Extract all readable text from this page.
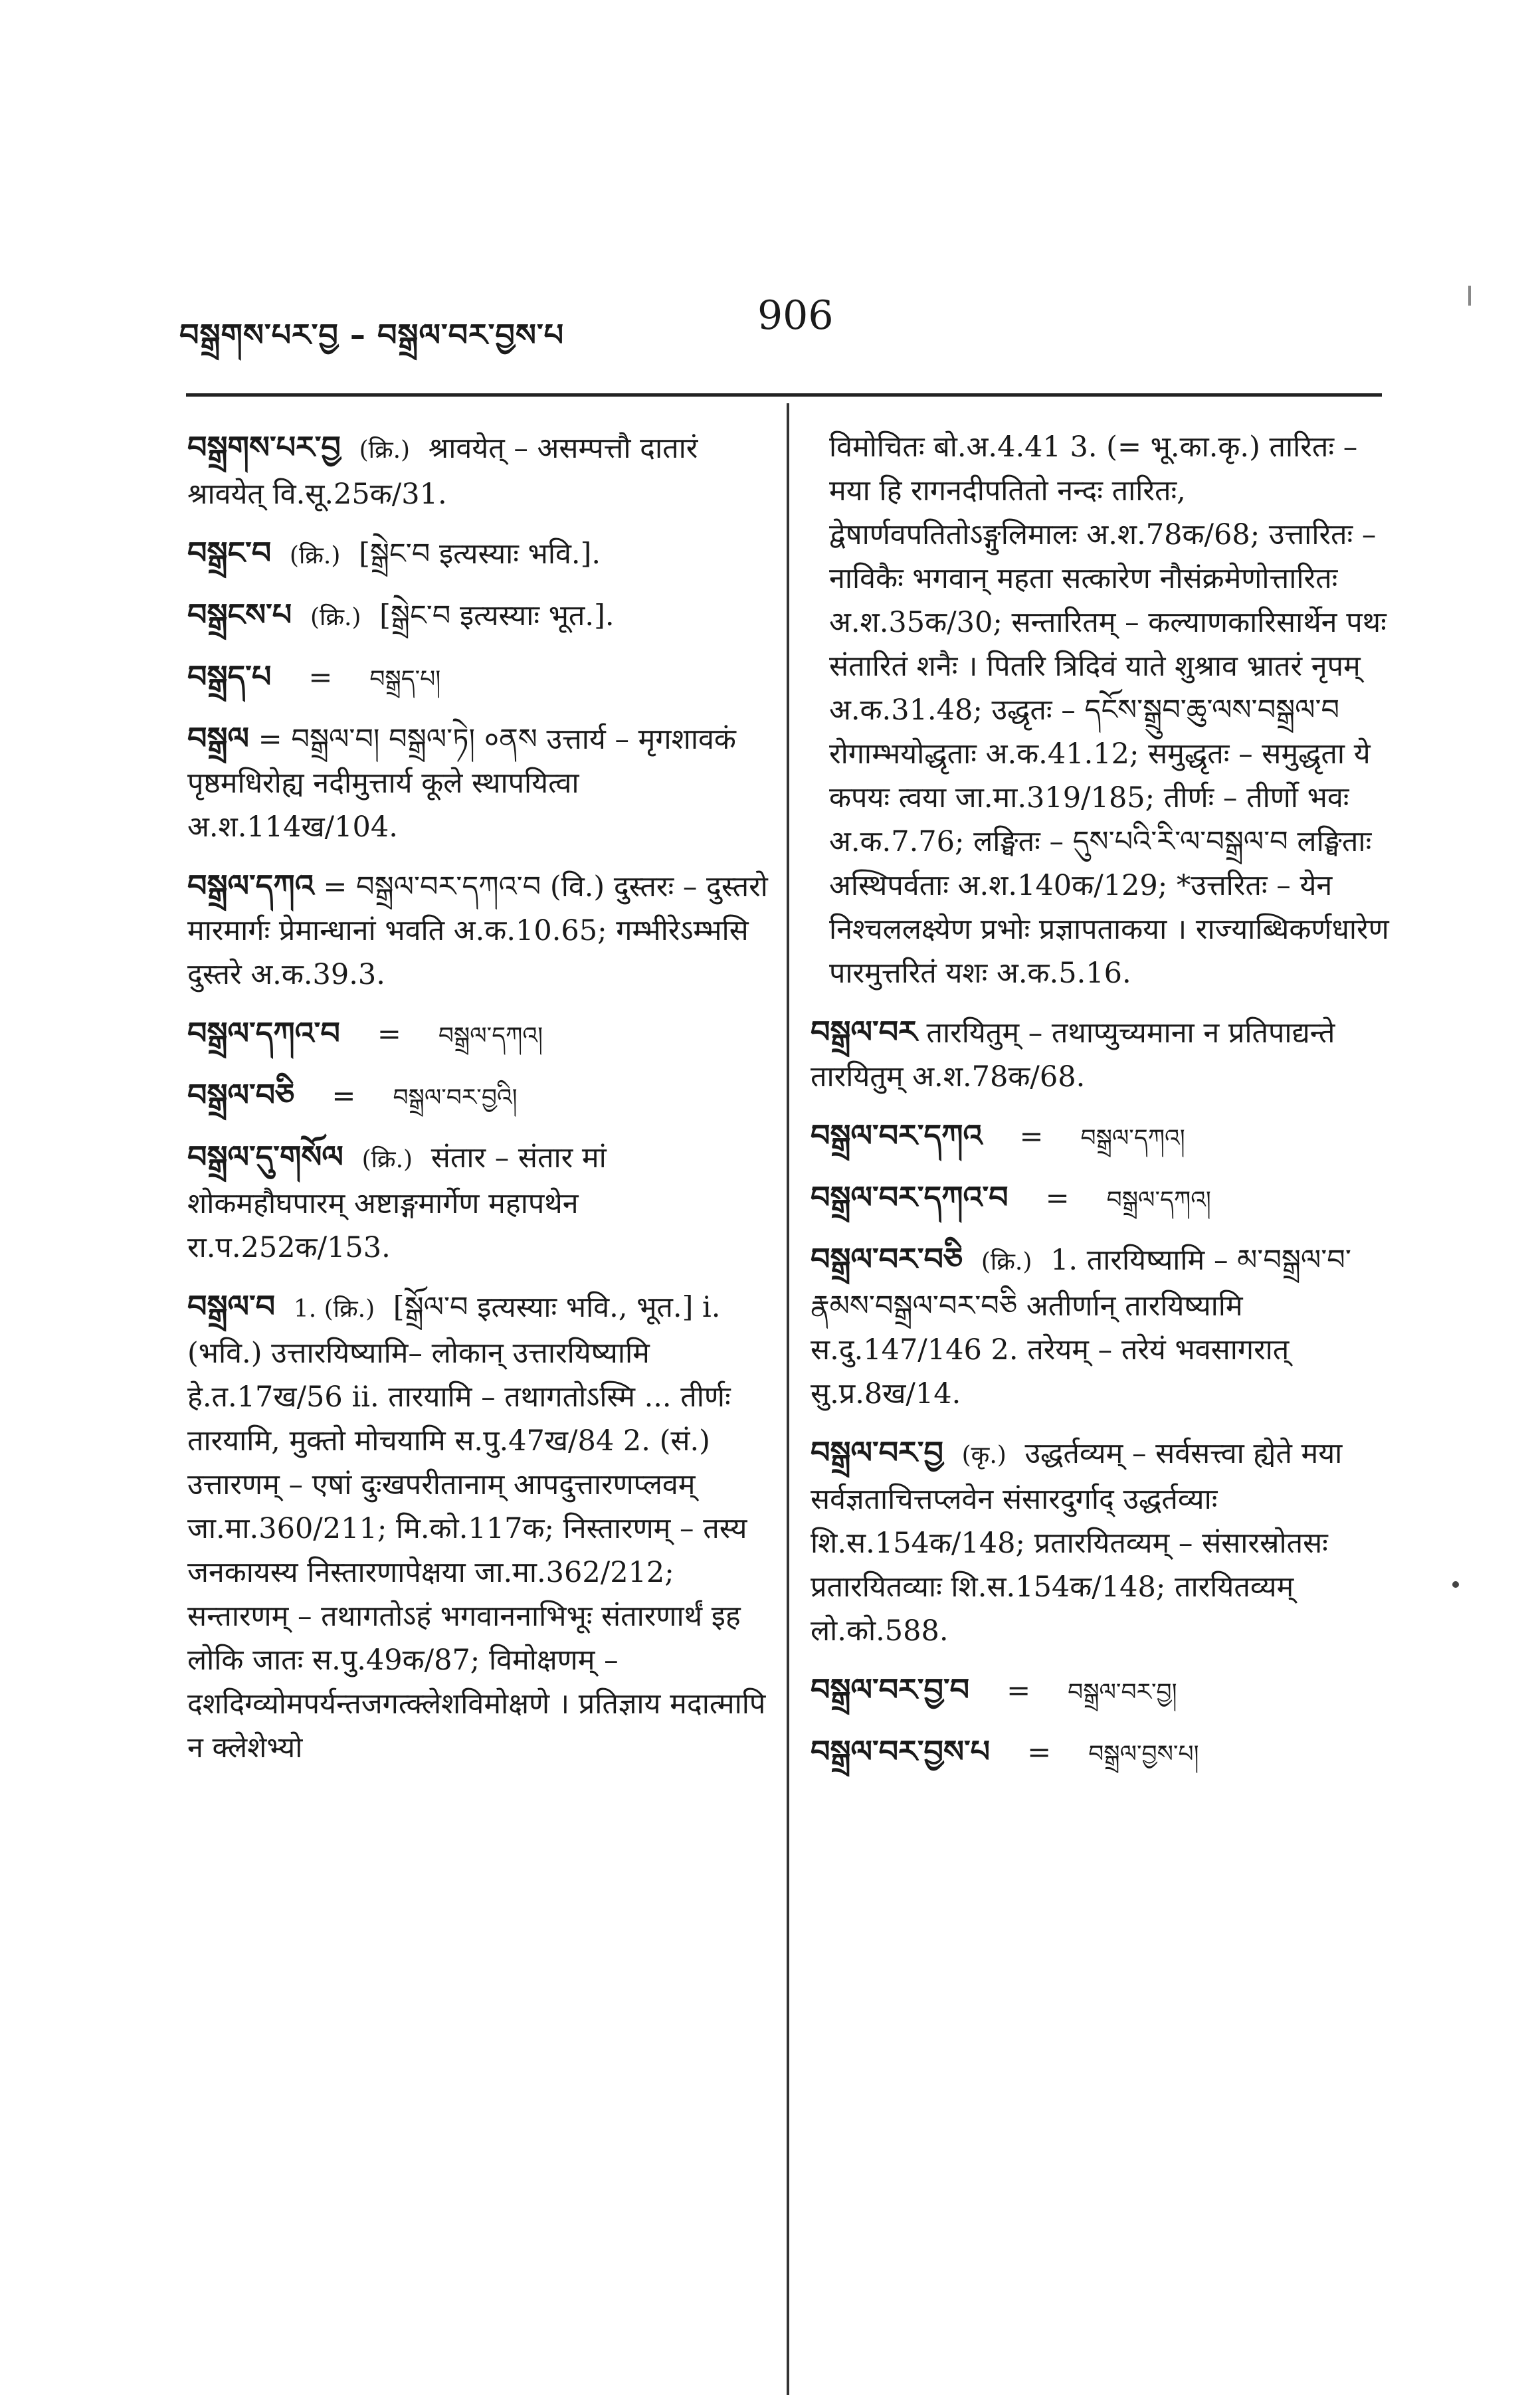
བསྒྲགས་པར་བྱ – བསྒྲལ་བར་བྱས་པ	906
བསྒྲགས་པར་བྱ (क्रि.) श्रावयेत् – असम्पत्तौ दातारं श्रावयेत् वि.सू.25क/31.
བསྒྲང་བ (क्रि.) [སྒྲེང་བ इत्यस्याः भवि.].
བསྒྲངས་པ (क्रि.) [སྒྲེང་བ इत्यस्याः भूत.].
བསྒྲད་པ = བསྒྲད་པ།
བསྒྲལ = བསྒྲལ་བ། བསྒྲལ་ཏེ། ०ནས उत्तार्य – मृगशावकं पृष्ठमधिरोह्य नदीमुत्तार्य कूले स्थापयित्वा अ.श.114ख/104.
བསྒྲལ་དཀའ = བསྒྲལ་བར་དཀའ་བ (वि.) दुस्तरः – दुस्तरो मारमार्गः प्रेमान्धानां भवति अ.क.10.65; गम्भीरेऽम्भसि दुस्तरे अ.क.39.3.
བསྒྲལ་དཀའ་བ = བསྒྲལ་དཀའ།
བསྒྲལ་བཅི = བསྒྲལ་བར་བྱའི།
བསྒྲལ་དུ་གསོལ (क्रि.) संतार – संतार मां शोकमहौघपारम् अष्टाङ्गमार्गेण महापथेन रा.प.252क/153.
བསྒྲལ་བ 1. (क्रि.) [སྒྲོལ་བ इत्यस्याः भवि., भूत.] i. (भवि.) उत्तारयिष्यामि– लोकान् उत्तारयिष्यामि हे.त.17ख/56 ii. तारयामि – तथागतोऽस्मि ... तीर्णः तारयामि, मुक्तो मोचयामि स.पु.47ख/84 2. (सं.) उत्तारणम् – एषां दुःखपरीतानाम् आपदुत्तारणप्लवम् जा.मा.360/211; मि.को.117क; निस्तारणम् – तस्य जनकायस्य निस्तारणापेक्षया जा.मा.362/212; सन्तारणम् – तथागतोऽहं भगवाननाभिभूः संतारणार्थं इह लोकि जातः स.पु.49क/87; विमोक्षणम् – दशदिग्व्योमपर्यन्तजगत्क्लेशविमोक्षणे । प्रतिज्ञाय मदात्मापि न क्लेशेभ्यो
विमोचितः बो.अ.4.41 3. (= भू.का.कृ.) तारितः – मया हि रागनदीपतितो नन्दः तारितः, द्वेषार्णवपतितोऽङ्गुलिमालः अ.श.78क/68; उत्तारितः – नाविकैः भगवान् महता सत्कारेण नौसंक्रमेणोत्तारितः अ.श.35क/30; सन्तारितम् – कल्याणकारिसार्थेन पथः संतारितं शनैः । पितरि त्रिदिवं याते शुश्राव भ्रातरं नृपम् अ.क.31.48; उद्धृतः – དངོས་སྒྲུབ་ཆུ་ལས་བསྒྲལ་བ रोगाम्भयोद्धृताः अ.क.41.12; समुद्धृतः – समुद्धृता ये कपयः त्वया जा.मा.319/185; तीर्णः – तीर्णो भवः अ.क.7.76; लङ्घितः – དུས་པའི་རི་ལ་བསྒྲལ་བ लङ्घिताः अस्थिपर्वताः अ.श.140क/129; *उत्तरितः – येन निश्चललक्ष्येण प्रभोः प्रज्ञापताकया । राज्याब्धिकर्णधारेण पारमुत्तरितं यशः अ.क.5.16.
བསྒྲལ་བར तारयितुम् – तथाप्युच्यमाना न प्रतिपाद्यन्ते तारयितुम् अ.श.78क/68.
བསྒྲལ་བར་དཀའ = བསྒྲལ་དཀའ།
བསྒྲལ་བར་དཀའ་བ = བསྒྲལ་དཀའ།
བསྒྲལ་བར་བཅི (क्रि.) 1. तारयिष्यामि – མ་བསྒྲལ་བ་རྣམས་བསྒྲལ་བར་བཅི अतीर्णान् तारयिष्यामि स.दु.147/146 2. तरेयम् – तरेयं भवसागरात् सु.प्र.8ख/14.
བསྒྲལ་བར་བྱ (कृ.) उद्धर्तव्यम् – सर्वसत्त्वा ह्येते मया सर्वज्ञताचित्तप्लवेन संसारदुर्गाद् उद्धर्तव्याः शि.स.154क/148; प्रतारयितव्यम् – संसारस्रोतसः प्रतारयितव्याः शि.स.154क/148; तारयितव्यम् लो.को.588.
བསྒྲལ་བར་བྱ་བ = བསྒྲལ་བར་བྱ།
བསྒྲལ་བར་བྱས་པ = བསྒྲལ་བྱས་པ།
